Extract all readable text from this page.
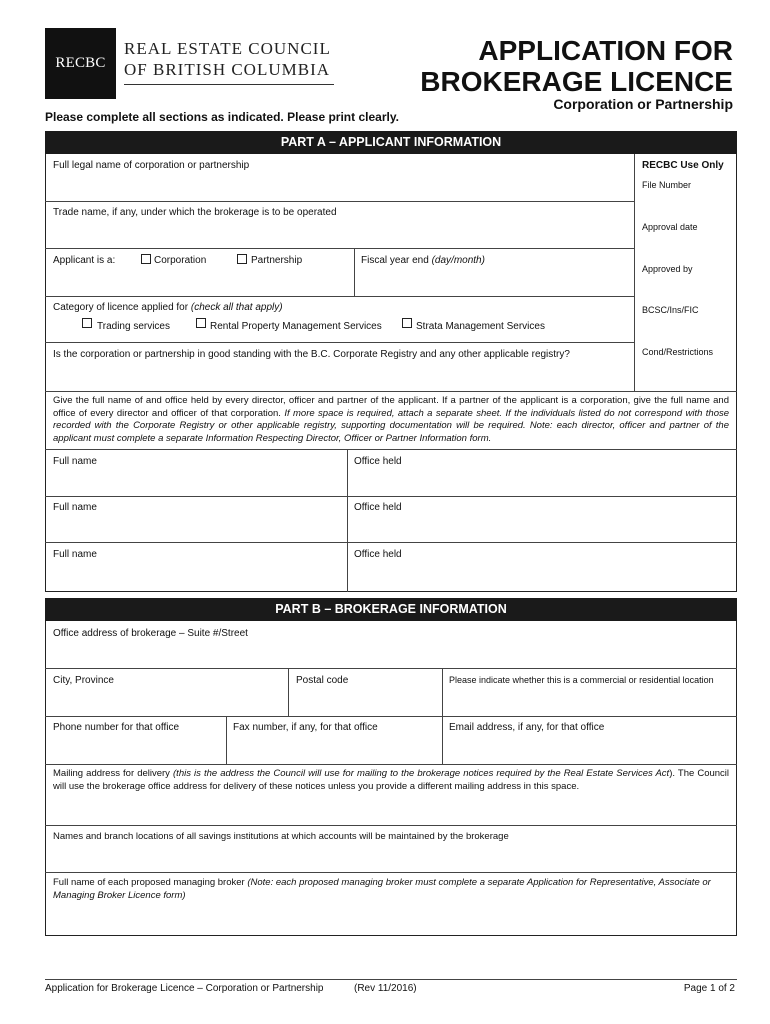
RECBC
REAL ESTATE COUNCIL
OF BRITISH COLUMBIA
APPLICATION FOR
BROKERAGE LICENCE
Corporation or Partnership
Please complete all sections as indicated. Please print clearly.
PART A – APPLICANT INFORMATION
Full legal name of corporation or partnership
Trade name, if any, under which the brokerage is to be operated
Applicant is a:	Corporation	Partnership	Fiscal year end (day/month)
Category of licence applied for (check all that apply)
Trading services	Rental Property Management Services	Strata Management Services
Is the corporation or partnership in good standing with the B.C. Corporate Registry and any other applicable registry?
RECBC Use Only
File Number
Approval date
Approved by
BCSC/Ins/FIC
Cond/Restrictions
Give the full name of and office held by every director, officer and partner of the applicant. If a partner of the applicant is a corporation, give the full name and office of every director and officer of that corporation. If more space is required, attach a separate sheet. If the individuals listed do not correspond with those recorded with the Corporate Registry or other applicable registry, supporting documentation will be required. Note: each director, officer and partner of the applicant must complete a separate Information Respecting Director, Officer or Partner Information form.
Full name	Office held
Full name	Office held
Full name	Office held
PART B – BROKERAGE INFORMATION
Office address of brokerage – Suite #/Street
City, Province	Postal code	Please indicate whether this is a commercial or residential location
Phone number for that office	Fax number, if any, for that office	Email address, if any, for that office
Mailing address for delivery (this is the address the Council will use for mailing to the brokerage notices required by the Real Estate Services Act). The Council will use the brokerage office address for delivery of these notices unless you provide a different mailing address in this space.
Names and branch locations of all savings institutions at which accounts will be maintained by the brokerage
Full name of each proposed managing broker (Note: each proposed managing broker must complete a separate Application for Representative, Associate or Managing Broker Licence form)
Application for Brokerage Licence – Corporation or Partnership	(Rev 11/2016)	Page 1 of 2
